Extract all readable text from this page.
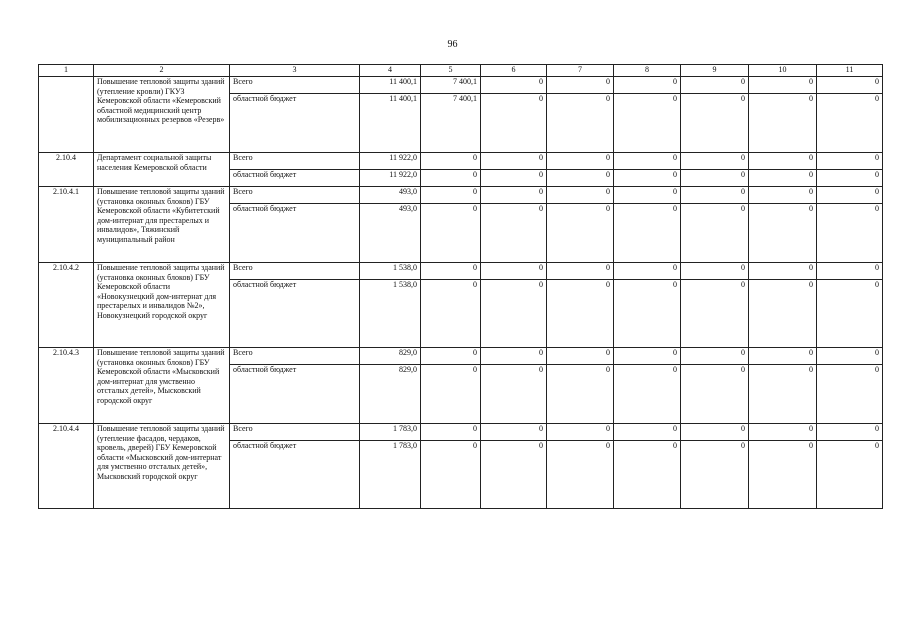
96
1	2	3	4	5	6	7	8	9	10	11
	Повышение тепловой защиты зданий (утепление кровли) ГКУЗ Кемеровской области «Кемеровский областной медицинский центр мобилизационных резервов «Резерв»	Всего	11 400,1	7 400,1	0	0	0	0	0	0
		областной бюджет	11 400,1	7 400,1	0	0	0	0	0	0
2.10.4	Департамент социальной защиты населения Кемеровской области	Всего	11 922,0	0	0	0	0	0	0	0
		областной бюджет	11 922,0	0	0	0	0	0	0	0
2.10.4.1	Повышение тепловой защиты зданий (установка оконных блоков) ГБУ Кемеровской области «Кубитетский дом-интернат для престарелых и инвалидов», Тяжинский муниципальный район	Всего	493,0	0	0	0	0	0	0	0
		областной бюджет	493,0	0	0	0	0	0	0	0
2.10.4.2	Повышение тепловой защиты зданий (установка оконных блоков) ГБУ Кемеровской области «Новокузнецкий дом-интернат для престарелых и инвалидов №2», Новокузнецкий городской округ	Всего	1 538,0	0	0	0	0	0	0	0
		областной бюджет	1 538,0	0	0	0	0	0	0	0
2.10.4.3	Повышение тепловой защиты зданий (установка оконных блоков) ГБУ Кемеровской области «Мысковский дом-интернат для умственно отсталых детей», Мысковский городской округ	Всего	829,0	0	0	0	0	0	0	0
		областной бюджет	829,0	0	0	0	0	0	0	0
2.10.4.4	Повышение тепловой защиты зданий (утепление фасадов, чердаков, кровель, дверей) ГБУ Кемеровской области «Мысковский дом-интернат для умственно отсталых детей», Мысковский городской округ	Всего	1 783,0	0	0	0	0	0	0	0
		областной бюджет	1 783,0	0	0	0	0	0	0	0
